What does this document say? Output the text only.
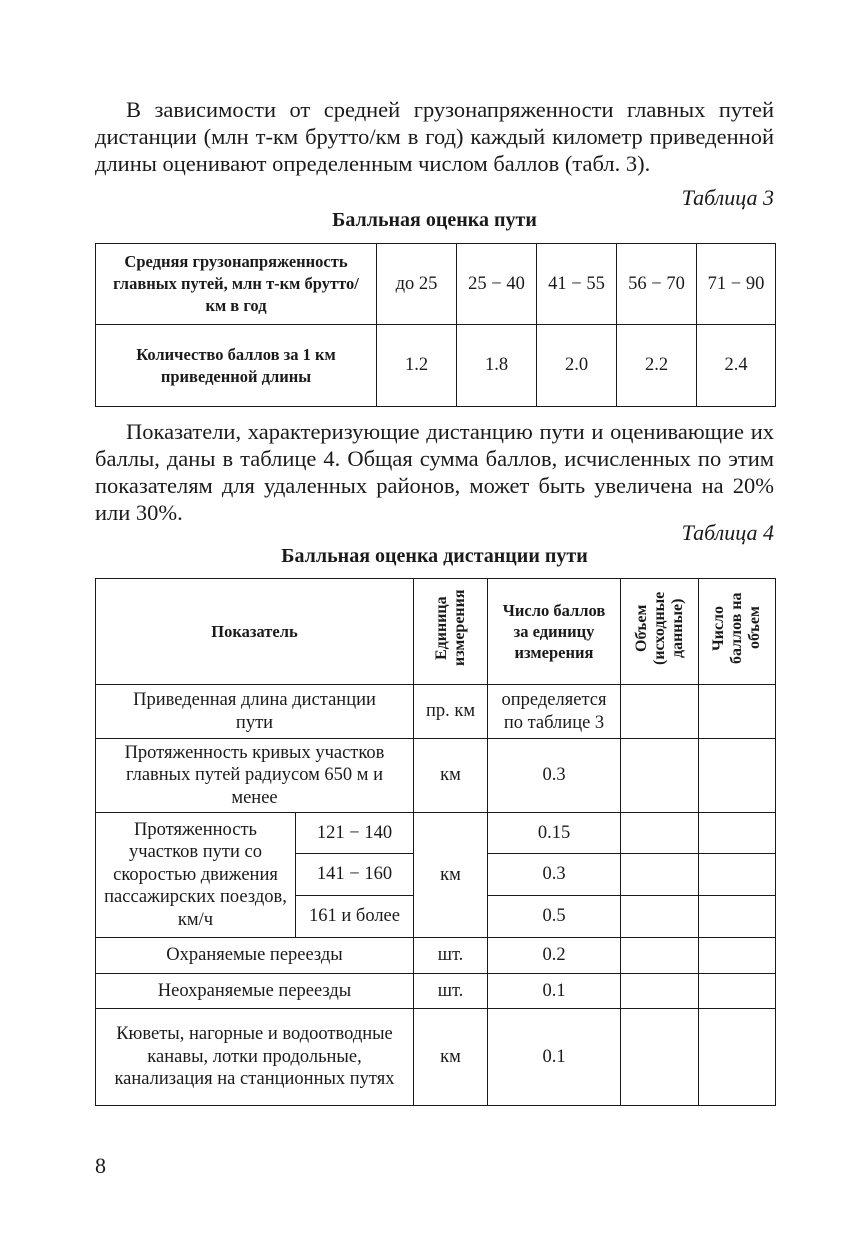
В зависимости от средней грузонапряженности главных путей дистанции (млн т-км брутто/км в год) каждый километр приведенной длины оценивают определенным числом баллов (табл. 3).

Таблица 3
Балльная оценка пути
Средняя грузонапряженность главных путей, млн т-км брутто/км в год	до 25	25 − 40	41 − 55	56 − 70	71 − 90
Количество баллов за 1 км приведенной длины	1.2	1.8	2.0	2.2	2.4

Показатели, характеризующие дистанцию пути и оценивающие их баллы, даны в таблице 4. Общая сумма баллов, исчисленных по этим показателям для удаленных районов, может быть увеличена на 20% или 30%.

Таблица 4
Балльная оценка дистанции пути
Показатель		Единица измерения	Число баллов за единицу измерения	Объем (исходные данные)	Число баллов на объем
Приведенная длина дистанции пути		пр. км	определяется по таблице 3		
Протяженность кривых участков главных путей радиусом 650 м и менее		км	0.3		
Протяженность участков пути со скоростью движения пассажирских поездов, км/ч	121 − 140	км	0.15		
	141 − 160		0.3		
	161 и более		0.5		
Охраняемые переезды		шт.	0.2		
Неохраняемые переезды		шт.	0.1		
Кюветы, нагорные и водоотводные канавы, лотки продольные, канализация на станционных путях		км	0.1		
8
